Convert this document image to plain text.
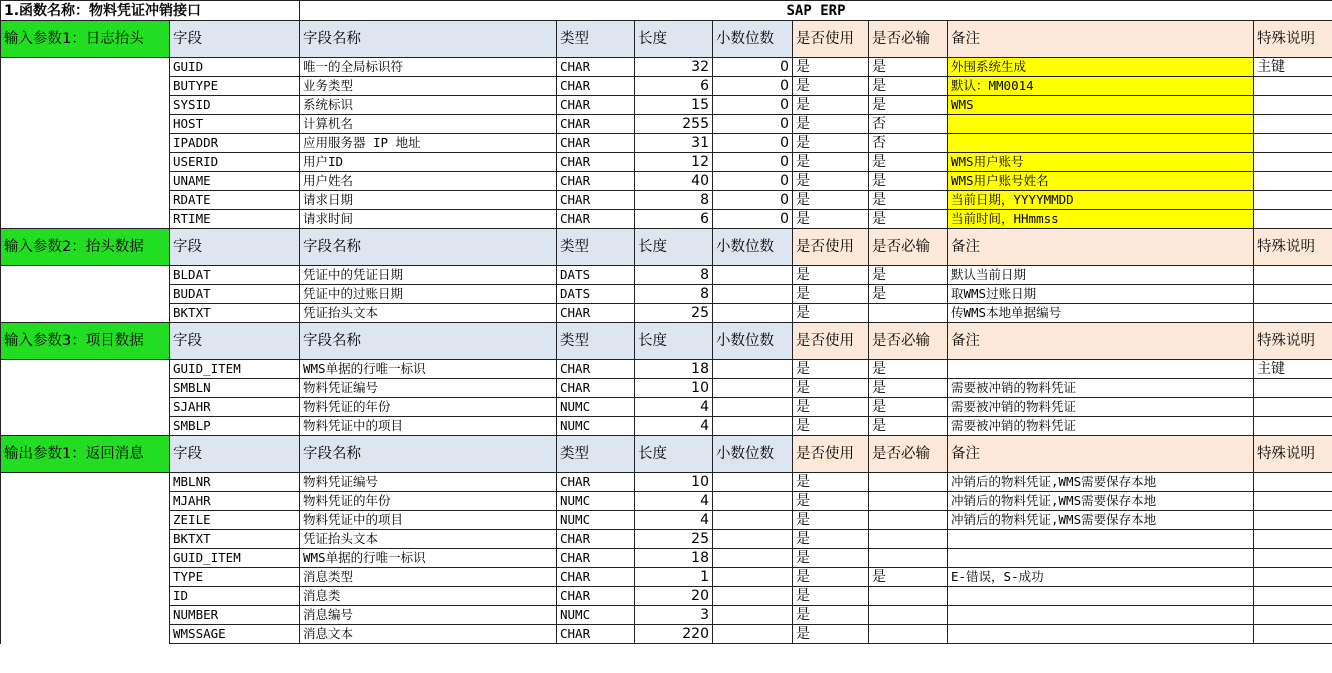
1.函数名称：物料凭证冲销接口		SAP ERP							
输入参数1：日志抬头	字段	字段名称	类型	长度	小数位数	是否使用	是否必输	备注	特殊说明
	GUID	唯一的全局标识符	CHAR	32	0	是	是	外围系统生成	主键
	BUTYPE	业务类型	CHAR	6	0	是	是	默认：MM0014	
	SYSID	系统标识	CHAR	15	0	是	是	WMS	
	HOST	计算机名	CHAR	255	0	是	否		
	IPADDR	应用服务器 IP 地址	CHAR	31	0	是	否		
	USERID	用户ID	CHAR	12	0	是	是	WMS用户账号	
	UNAME	用户姓名	CHAR	40	0	是	是	WMS用户账号姓名	
	RDATE	请求日期	CHAR	8	0	是	是	当前日期，YYYYMMDD	
	RTIME	请求时间	CHAR	6	0	是	是	当前时间，HHmmss	
输入参数2：抬头数据	字段	字段名称	类型	长度	小数位数	是否使用	是否必输	备注	特殊说明
	BLDAT	凭证中的凭证日期	DATS	8		是	是	默认当前日期	
	BUDAT	凭证中的过账日期	DATS	8		是	是	取WMS过账日期	
	BKTXT	凭证抬头文本	CHAR	25		是		传WMS本地单据编号	
输入参数3：项目数据	字段	字段名称	类型	长度	小数位数	是否使用	是否必输	备注	特殊说明
	GUID_ITEM	WMS单据的行唯一标识	CHAR	18		是	是		主键
	SMBLN	物料凭证编号	CHAR	10		是	是	需要被冲销的物料凭证	
	SJAHR	物料凭证的年份	NUMC	4		是	是	需要被冲销的物料凭证	
	SMBLP	物料凭证中的项目	NUMC	4		是	是	需要被冲销的物料凭证	
输出参数1：返回消息	字段	字段名称	类型	长度	小数位数	是否使用	是否必输	备注	特殊说明
	MBLNR	物料凭证编号	CHAR	10		是		冲销后的物料凭证,WMS需要保存本地	
	MJAHR	物料凭证的年份	NUMC	4		是		冲销后的物料凭证,WMS需要保存本地	
	ZEILE	物料凭证中的项目	NUMC	4		是		冲销后的物料凭证,WMS需要保存本地	
	BKTXT	凭证抬头文本	CHAR	25		是			
	GUID_ITEM	WMS单据的行唯一标识	CHAR	18		是			
	TYPE	消息类型	CHAR	1		是	是	E-错误，S-成功	
	ID	消息类	CHAR	20		是			
	NUMBER	消息编号	NUMC	3		是			
	WMSSAGE	消息文本	CHAR	220		是			
